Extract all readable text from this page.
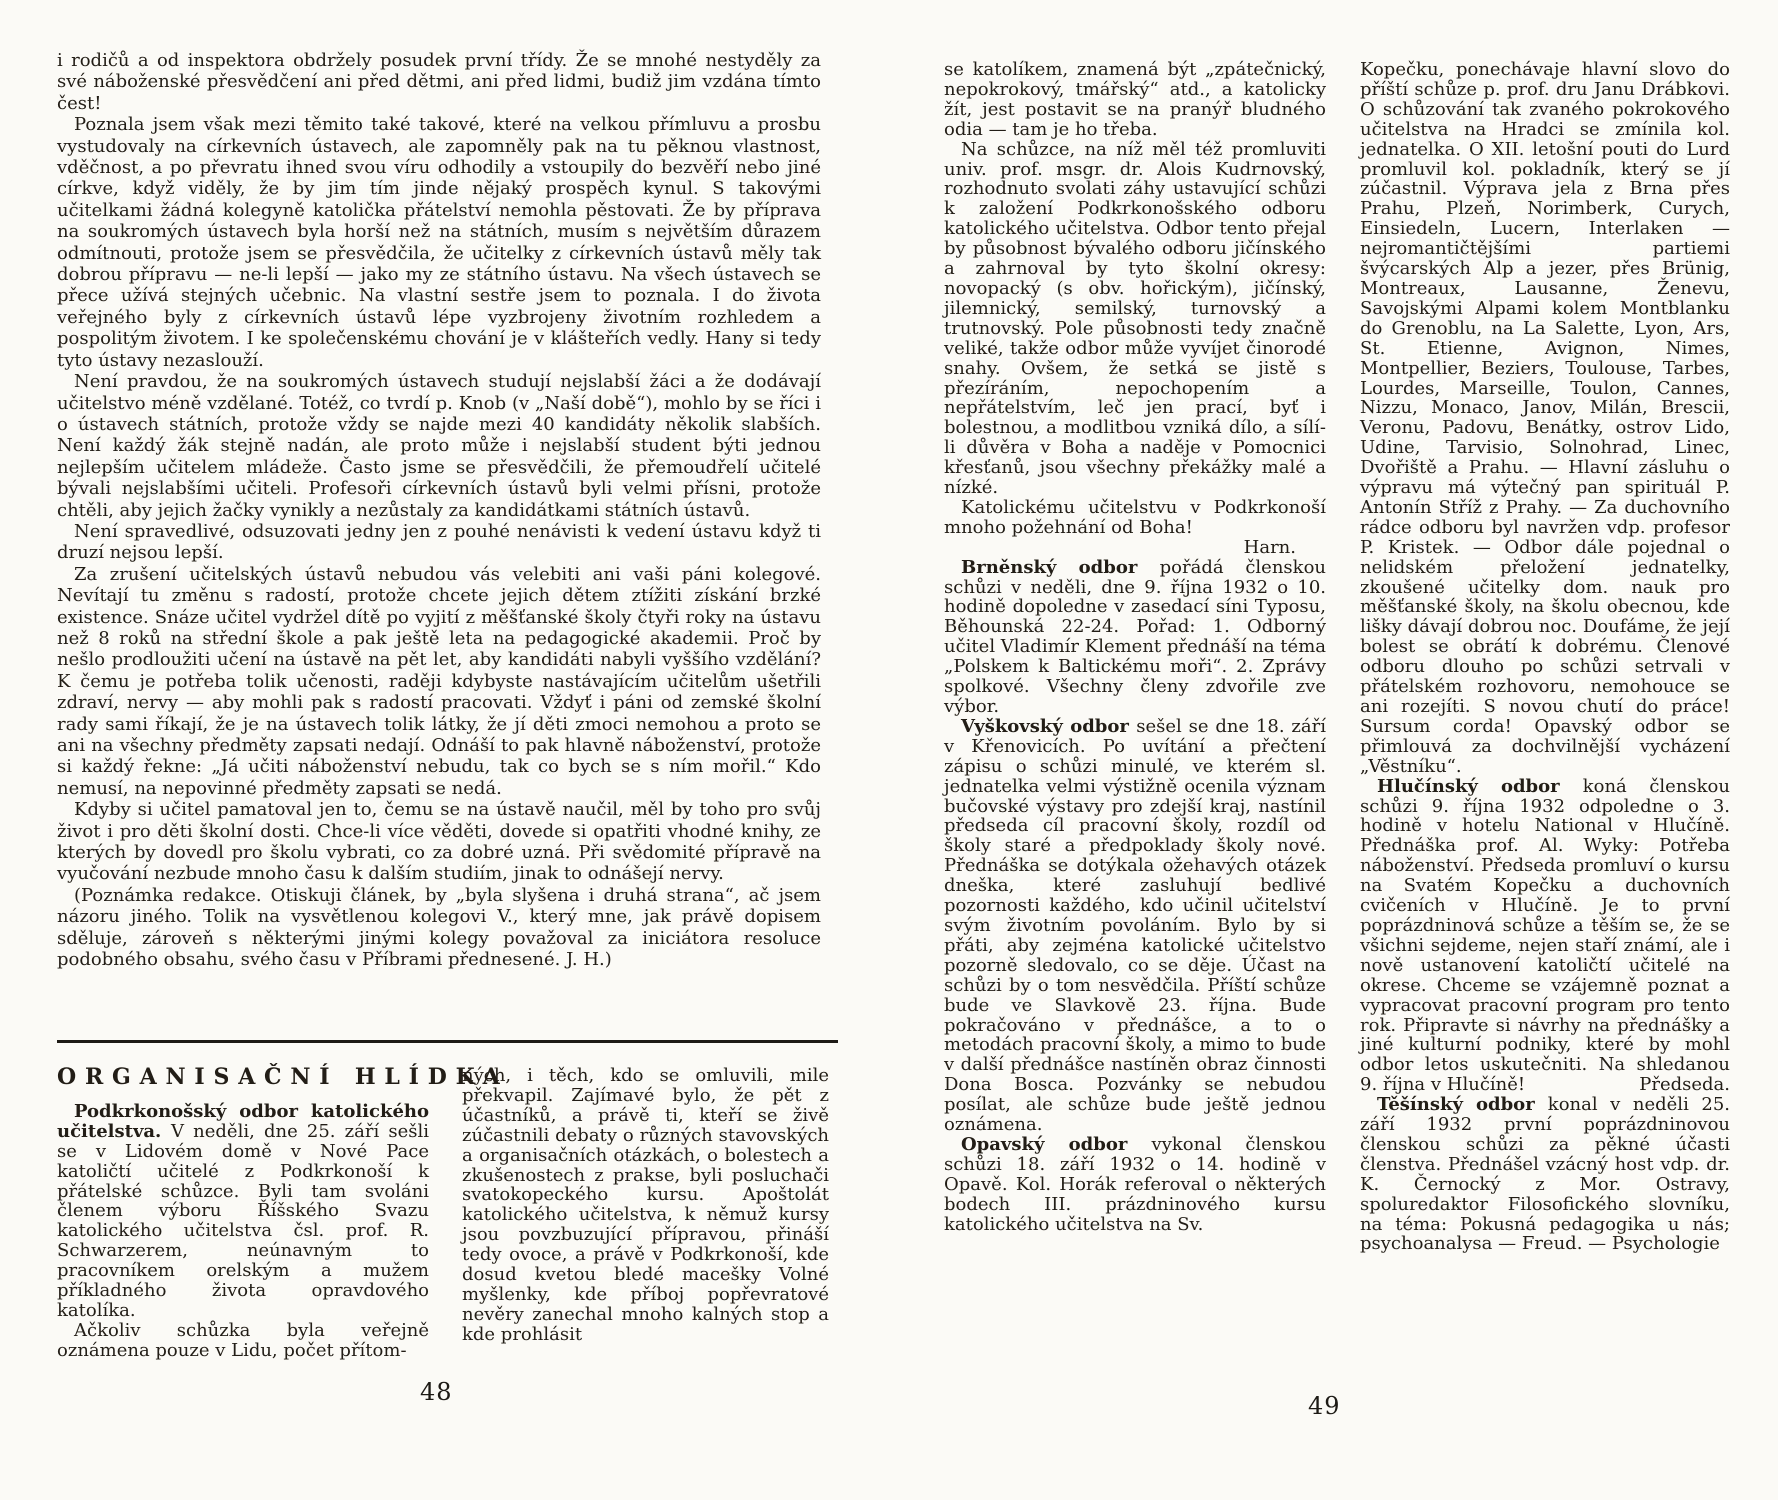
i rodičů a od inspektora obdržely posudek první třídy. Že se mnohé nestyděly za své náboženské přesvědčení ani před dětmi, ani před lidmi, budiž jim vzdána tímto čest!

Poznala jsem však mezi těmito také takové, které na velkou přímluvu a prosbu vystudovaly na církevních ústavech, ale zapomněly pak na tu pěknou vlastnost, vděčnost, a po převratu ihned svou víru odhodily a vstoupily do bezvěří nebo jiné církve, když viděly, že by jim tím jinde nějaký prospěch kynul. S takovými učitelkami žádná kolegyně katolička přátelství nemohla pěstovati. Že by příprava na soukromých ústavech byla horší než na státních, musím s největším důrazem odmítnouti, protože jsem se přesvědčila, že učitelky z církevních ústavů měly tak dobrou přípravu — ne-li lepší — jako my ze státního ústavu. Na všech ústavech se přece užívá stejných učebnic. Na vlastní sestře jsem to poznala. I do života veřejného byly z církevních ústavů lépe vyzbrojeny životním rozhledem a pospolitým životem. I ke společenskému chování je v klášteřích vedly. Hany si tedy tyto ústavy nezaslouží.

Není pravdou, že na soukromých ústavech studují nejslabší žáci a že dodávají učitelstvo méně vzdělané. Totéž, co tvrdí p. Knob (v „Naší době“), mohlo by se říci i o ústavech státních, protože vždy se najde mezi 40 kandidáty několik slabších. Není každý žák stejně nadán, ale proto může i nejslabší student býti jednou nejlepším učitelem mládeže. Často jsme se přesvědčili, že přemoudřelí učitelé bývali nejslabšími učiteli. Profesoři církevních ústavů byli velmi přísni, protože chtěli, aby jejich žačky vynikly a nezůstaly za kandidátkami státních ústavů.

Není spravedlivé, odsuzovati jedny jen z pouhé nenávisti k vedení ústavu když ti druzí nejsou lepší.

Za zrušení učitelských ústavů nebudou vás velebiti ani vaši páni kolegové. Nevítají tu změnu s radostí, protože chcete jejich dětem ztížiti získání brzké existence. Snáze učitel vydržel dítě po vyjití z měšťanské školy čtyři roky na ústavu než 8 roků na střední škole a pak ještě leta na pedagogické akademii. Proč by nešlo prodloužiti učení na ústavě na pět let, aby kandidáti nabyli vyššího vzdělání? K čemu je potřeba tolik učenosti, raději kdybyste nastávajícím učitelům ušetřili zdraví, nervy — aby mohli pak s radostí pracovati. Vždyť i páni od zemské školní rady sami říkají, že je na ústavech tolik látky, že jí děti zmoci nemohou a proto se ani na všechny předměty zapsati nedají. Odnáší to pak hlavně náboženství, protože si každý řekne: „Já učiti náboženství nebudu, tak co bych se s ním mořil.“ Kdo nemusí, na nepovinné předměty zapsati se nedá.

Kdyby si učitel pamatoval jen to, čemu se na ústavě naučil, měl by toho pro svůj život i pro děti školní dosti. Chce-li více věděti, dovede si opatřiti vhodné knihy, ze kterých by dovedl pro školu vybrati, co za dobré uzná. Při svědomité přípravě na vyučování nezbude mnoho času k dalším studiím, jinak to odnášejí nervy.

(Poznámka redakce. Otiskuji článek, by „byla slyšena i druhá strana“, ač jsem názoru jiného. Tolik na vysvětlenou kolegovi V., který mne, jak právě dopisem sděluje, zároveň s některými jinými kolegy považoval za iniciátora resoluce podobného obsahu, svého času v Příbrami přednesené. J. H.)

ORGANISAČNÍ HLÍDKA

Podkrkonošský odbor katolického učitelstva. V neděli, dne 25. září sešli se v Lidovém domě v Nové Pace katoličtí učitelé z Podkrkonoší k přátelské schůzce. Byli tam svoláni členem výboru Říšského Svazu katolického učitelstva čsl. prof. R. Schwarzerem, neúnavným to pracovníkem orelským a mužem příkladného života opravdového katolíka.

Ačkoliv schůzka byla veřejně oznámena pouze v Lidu, počet přítom-

ných, i těch, kdo se omluvili, mile překvapil. Zajímavé bylo, že pět z účastníků, a právě ti, kteří se živě zúčastnili debaty o různých stavovských a organisačních otázkách, o bolestech a zkušenostech z prakse, byli posluchači svatokopeckého kursu. Apoštolát katolického učitelstva, k němuž kursy jsou povzbuzující přípravou, přináší tedy ovoce, a právě v Podkrkonoší, kde dosud kvetou bledé macešky Volné myšlenky, kde příboj popřevratové nevěry zanechal mnoho kalných stop a kde prohlásit

48

se katolíkem, znamená být „zpátečnický, nepokrokový, tmářský“ atd., a katolicky žít, jest postavit se na pranýř bludného odia — tam je ho třeba.

Na schůzce, na níž měl též promluviti univ. prof. msgr. dr. Alois Kudrnovský, rozhodnuto svolati záhy ustavující schůzi k založení Podkrkonošského odboru katolického učitelstva. Odbor tento přejal by působnost bývalého odboru jičínského a zahrnoval by tyto školní okresy: novopacký (s obv. hořickým), jičínský, jilemnický, semilský, turnovský a trutnovský. Pole působnosti tedy značně veliké, takže odbor může vyvíjet činorodé snahy. Ovšem, že setká se jistě s přezíráním, nepochopením a nepřátelstvím, leč jen prací, byť i bolestnou, a modlitbou vzniká dílo, a sílí-li důvěra v Boha a naděje v Pomocnici křesťanů, jsou všechny překážky malé a nízké.

Katolickému učitelstvu v Podkrkonoší mnoho požehnání od Boha!

Harn.

Brněnský odbor pořádá členskou schůzi v neděli, dne 9. října 1932 o 10. hodině dopoledne v zasedací síni Typosu, Běhounská 22-24. Pořad: 1. Odborný učitel Vladimír Klement přednáší na téma „Polskem k Baltickému moři“. 2. Zprávy spolkové. Všechny členy zdvořile zve výbor.

Vyškovský odbor sešel se dne 18. září v Křenovicích. Po uvítání a přečtení zápisu o schůzi minulé, ve kterém sl. jednatelka velmi výstižně ocenila význam bučovské výstavy pro zdejší kraj, nastínil předseda cíl pracovní školy, rozdíl od školy staré a předpoklady školy nové. Přednáška se dotýkala ožehavých otázek dneška, které zasluhují bedlivé pozornosti každého, kdo učinil učitelství svým životním povoláním. Bylo by si přáti, aby zejména katolické učitelstvo pozorně sledovalo, co se děje. Účast na schůzi by o tom nesvědčila. Příští schůze bude ve Slavkově 23. října. Bude pokračováno v přednášce, a to o metodách pracovní školy, a mimo to bude v další přednášce nastíněn obraz činnosti Dona Bosca. Pozvánky se nebudou posílat, ale schůze bude ještě jednou oznámena.

Opavský odbor vykonal členskou schůzi 18. září 1932 o 14. hodině v Opavě. Kol. Horák referoval o některých bodech III. prázdninového kursu katolického učitelstva na Sv.

Kopečku, ponechávaje hlavní slovo do příští schůze p. prof. dru Janu Drábkovi. O schůzování tak zvaného pokrokového učitelstva na Hradci se zmínila kol. jednatelka. O XII. letošní pouti do Lurd promluvil kol. pokladník, který se jí zúčastnil. Výprava jela z Brna přes Prahu, Plzeň, Norimberk, Curych, Einsiedeln, Lucern, Interlaken — nejromantičtějšími partiemi švýcarských Alp a jezer, přes Brünig, Montreaux, Lausanne, Ženevu, Savojskými Alpami kolem Montblanku do Grenoblu, na La Salette, Lyon, Ars, St. Etienne, Avignon, Nimes, Montpellier, Beziers, Toulouse, Tarbes, Lourdes, Marseille, Toulon, Cannes, Nizzu, Monaco, Janov, Milán, Brescii, Veronu, Padovu, Benátky, ostrov Lido, Udine, Tarvisio, Solnohrad, Linec, Dvořiště a Prahu. — Hlavní zásluhu o výpravu má výtečný pan spirituál P. Antonín Stříž z Prahy. — Za duchovního rádce odboru byl navržen vdp. profesor P. Kristek. — Odbor dále pojednal o nelidském přeložení jednatelky, zkoušené učitelky dom. nauk pro měšťanské školy, na školu obecnou, kde lišky dávají dobrou noc. Doufáme, že její bolest se obrátí k dobrému. Členové odboru dlouho po schůzi setrvali v přátelském rozhovoru, nemohouce se ani rozejíti. S novou chutí do práce! Sursum corda! Opavský odbor se přimlouvá za dochvilnější vycházení „Věstníku“.

Hlučínský odbor koná členskou schůzi 9. října 1932 odpoledne o 3. hodině v hotelu National v Hlučíně. Přednáška prof. Al. Wyky: Potřeba náboženství. Předseda promluví o kursu na Svatém Kopečku a duchovních cvičeních v Hlučíně. Je to první poprázdninová schůze a těším se, že se všichni sejdeme, nejen staří známí, ale i nově ustanovení katoličtí učitelé na okrese. Chceme se vzájemně poznat a vypracovat pracovní program pro tento rok. Připravte si návrhy na přednášky a jiné kulturní podniky, které by mohl odbor letos uskutečniti. Na shledanou 9. října v Hlučíně!	Předseda.

Těšínský odbor konal v neděli 25. září 1932 první poprázdninovou členskou schůzi za pěkné účasti členstva. Přednášel vzácný host vdp. dr. K. Černocký z Mor. Ostravy, spoluredaktor Filosofického slovníku, na téma: Pokusná pedagogika u nás; psychoanalysa — Freud. — Psychologie

49
